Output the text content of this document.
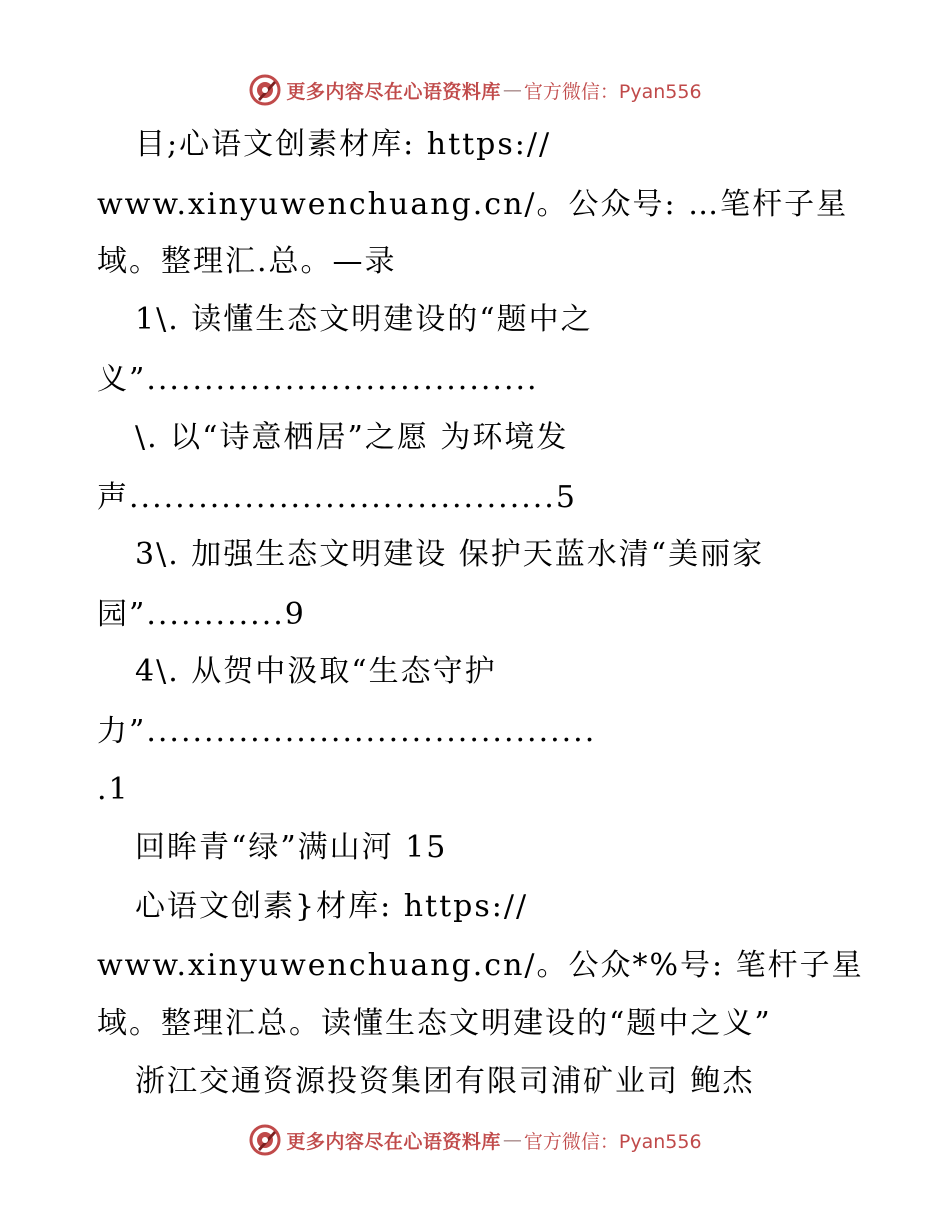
更多内容尽在心语资料库 — 官方微信：Pyan556
目;心语文创素材库: https://
www.xinyuwenchuang.cn/。公众号: …笔杆子星
域。整理汇.总。—录
1\. 读懂生态文明建设的“题中之
义”..................................
\. 以“诗意栖居”之愿 为环境发
声.....................................5
3\. 加强生态文明建设 保护天蓝水清“美丽家
园”............9
4\. 从贺中汲取“生态守护
力”.......................................
.1
回眸青“绿”满山河 15
心语文创素}材库: https://
www.xinyuwenchuang.cn/。公众*%号: 笔杆子星
域。整理汇总。读懂生态文明建设的“题中之义”
浙江交通资源投资集团有限司浦矿业司 鲍杰
更多内容尽在心语资料库 — 官方微信：Pyan556
